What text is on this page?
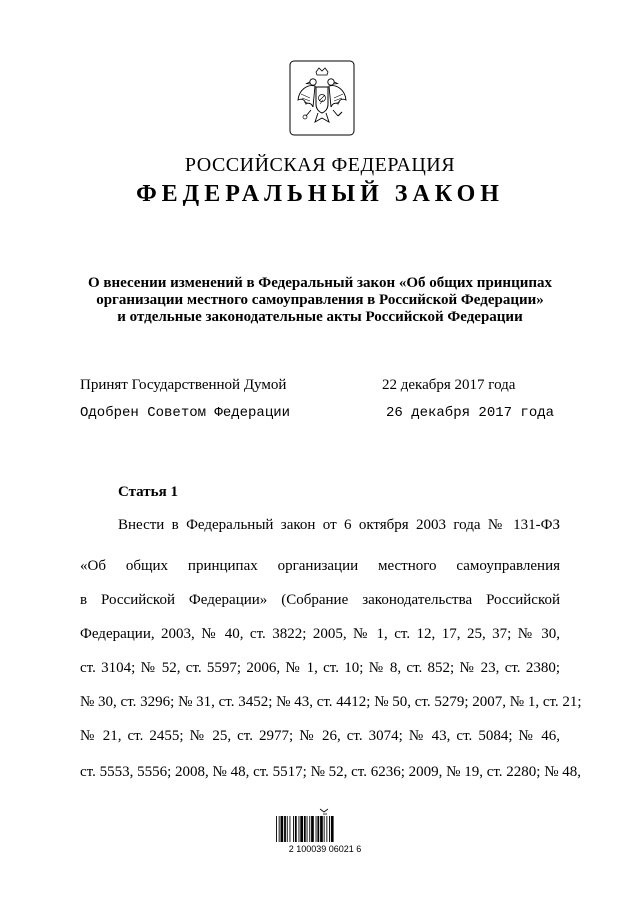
РОССИЙСКАЯ ФЕДЕРАЦИЯ
ФЕДЕРАЛЬНЫЙ ЗАКОН
О внесении изменений в Федеральный закон «Об общих принципах
организации местного самоуправления в Российской Федерации»
и отдельные законодательные акты Российской Федерации
Принят Государственной Думой	22 декабря 2017 года
Одобрен Советом Федерации	26 декабря 2017 года
Статья 1
Внести в Федеральный закон от 6 октября 2003 года № 131-ФЗ
«Об общих принципах организации местного самоуправления
в Российской Федерации» (Собрание законодательства Российской
Федерации, 2003, № 40, ст. 3822; 2005, № 1, ст. 12, 17, 25, 37; № 30,
ст. 3104; № 52, ст. 5597; 2006, № 1, ст. 10; № 8, ст. 852; № 23, ст. 2380;
№ 30, ст. 3296; № 31, ст. 3452; № 43, ст. 4412; № 50, ст. 5279; 2007, № 1, ст. 21;
№ 21, ст. 2455; № 25, ст. 2977; № 26, ст. 3074; № 43, ст. 5084; № 46,
ст. 5553, 5556; 2008, № 48, ст. 5517; № 52, ст. 6236; 2009, № 19, ст. 2280; № 48,
2 100039 06021 6
